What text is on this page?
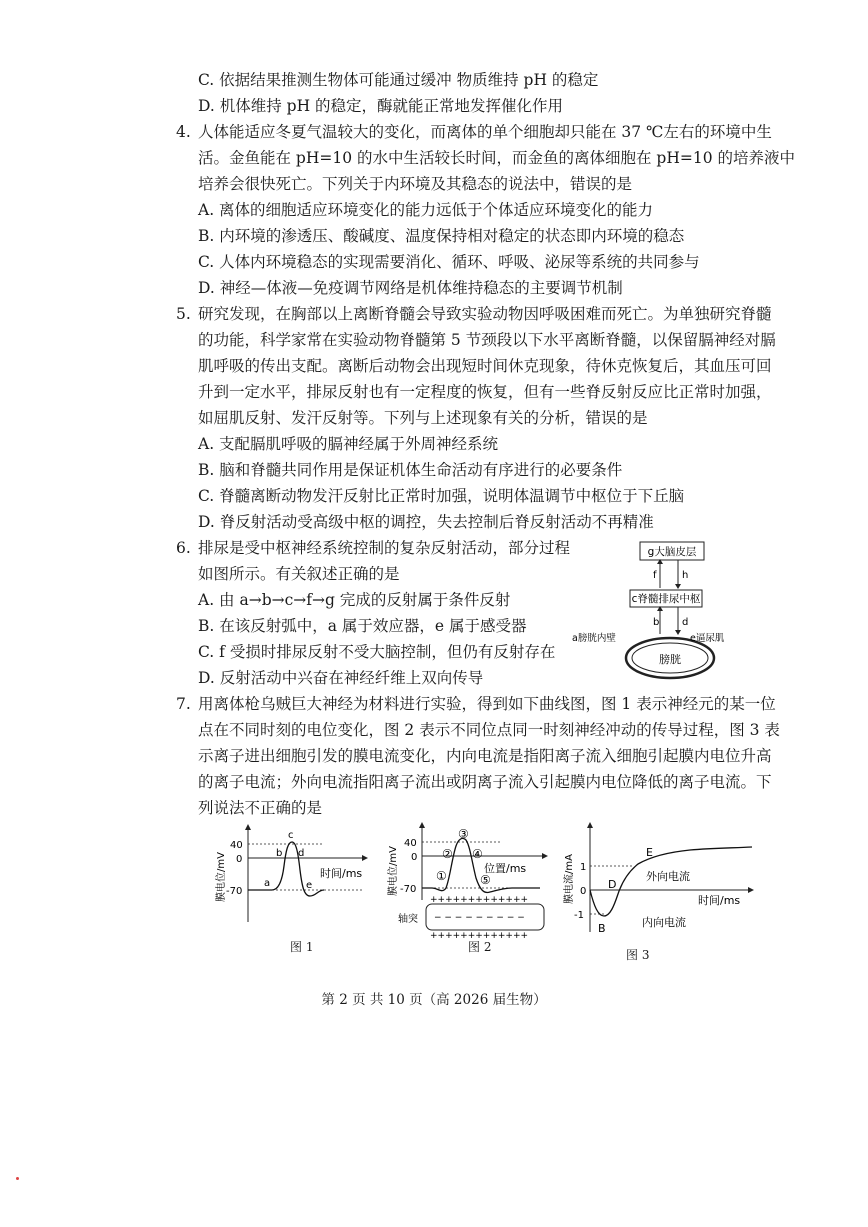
C. 依据结果推测生物体可能通过缓冲 物质维持 pH 的稳定
D. 机体维持 pH 的稳定，酶就能正常地发挥催化作用
4. 人体能适应冬夏气温较大的变化，而离体的单个细胞却只能在 37 ℃左右的环境中生
活。金鱼能在 pH=10 的水中生活较长时间，而金鱼的离体细胞在 pH=10 的培养液中
培养会很快死亡。下列关于内环境及其稳态的说法中，错误的是
A. 离体的细胞适应环境变化的能力远低于个体适应环境变化的能力
B. 内环境的渗透压、酸碱度、温度保持相对稳定的状态即内环境的稳态
C. 人体内环境稳态的实现需要消化、循环、呼吸、泌尿等系统的共同参与
D. 神经—体液—免疫调节网络是机体维持稳态的主要调节机制
5. 研究发现，在胸部以上离断脊髓会导致实验动物因呼吸困难而死亡。为单独研究脊髓
的功能，科学家常在实验动物脊髓第 5 节颈段以下水平离断脊髓，以保留膈神经对膈
肌呼吸的传出支配。离断后动物会出现短时间休克现象，待休克恢复后，其血压可回
升到一定水平，排尿反射也有一定程度的恢复，但有一些脊反射反应比正常时加强，
如屈肌反射、发汗反射等。下列与上述现象有关的分析，错误的是
A. 支配膈肌呼吸的膈神经属于外周神经系统
B. 脑和脊髓共同作用是保证机体生命活动有序进行的必要条件
C. 脊髓离断动物发汗反射比正常时加强，说明体温调节中枢位于下丘脑
D. 脊反射活动受高级中枢的调控，失去控制后脊反射活动不再精准
6. 排尿是受中枢神经系统控制的复杂反射活动，部分过程
如图所示。有关叙述正确的是
A. 由 a→b→c→f→g 完成的反射属于条件反射
B. 在该反射弧中，a 属于效应器，e 属于感受器
C. f 受损时排尿反射不受大脑控制，但仍有反射存在
D. 反射活动中兴奋在神经纤维上双向传导
g大脑皮层
f	h
c脊髓排尿中枢
b d
膀胱
a膀胱内壁	e逼尿肌
7. 用离体枪乌贼巨大神经为材料进行实验，得到如下曲线图，图 1 表示神经元的某一位
点在不同时刻的电位变化，图 2 表示不同位点同一时刻神经冲动的传导过程，图 3 表
示离子进出细胞引发的膜电流变化，内向电流是指阳离子流入细胞引起膜内电位升高
的离子电流；外向电流指阳离子流出或阴离子流入引起膜内电位降低的离子电流。下
列说法不正确的是
40
0
-70
a
b
c
d
e
时间/ms
膜电位/mV
图 1
40
0
-70
①
②
③
④
⑤
位置/ms
膜电位/mV
+++++++++++++
− − − − − − − − −
+++++++++++++
轴突
图 2
1
0
-1
B
D
E
外向电流
时间/ms
内向电流
膜电流/mA
图 3
第 2 页 共 10 页（高 2026 届生物）
